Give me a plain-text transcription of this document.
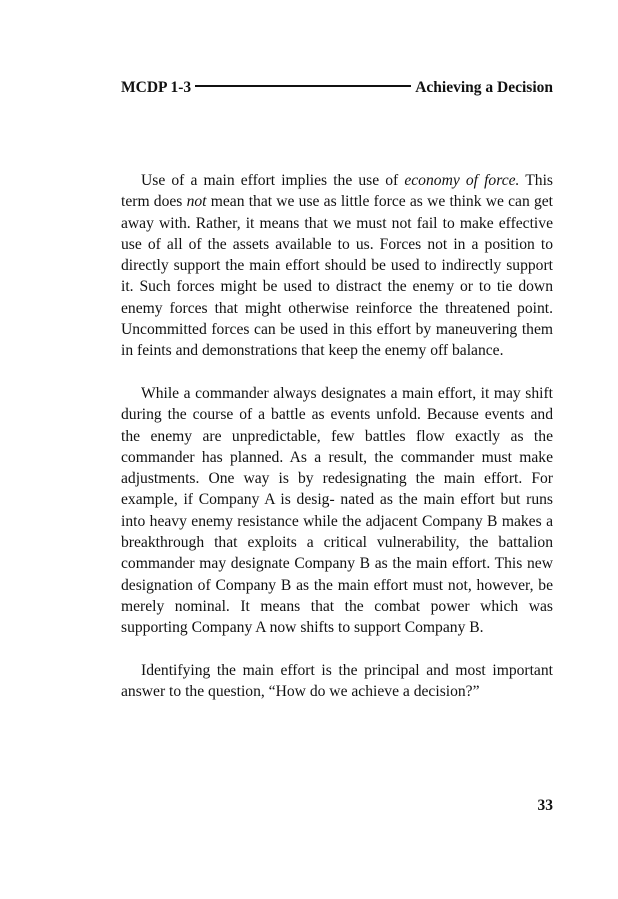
MCDP 1-3	Achieving a Decision

Use of a main effort implies the use of economy of force. This term does not mean that we use as little force as we think we can get away with. Rather, it means that we must not fail to make effective use of all of the assets available to us. Forces not in a position to directly support the main effort should be used to indirectly support it. Such forces might be used to distract the enemy or to tie down enemy forces that might otherwise reinforce the threatened point. Uncommitted forces can be used in this effort by maneuvering them in feints and demonstrations that keep the enemy off balance.

While a commander always designates a main effort, it may shift during the course of a battle as events unfold. Because events and the enemy are unpredictable, few battles flow exactly as the commander has planned. As a result, the commander must make adjustments. One way is by redesignating the main effort. For example, if Company A is desig- nated as the main effort but runs into heavy enemy resistance while the adjacent Company B makes a breakthrough that exploits a critical vulnerability, the battalion commander may designate Company B as the main effort. This new designation of Company B as the main effort must not, however, be merely nominal. It means that the combat power which was supporting Company A now shifts to support Company B.

Identifying the main effort is the principal and most important answer to the question, “How do we achieve a decision?”

33
